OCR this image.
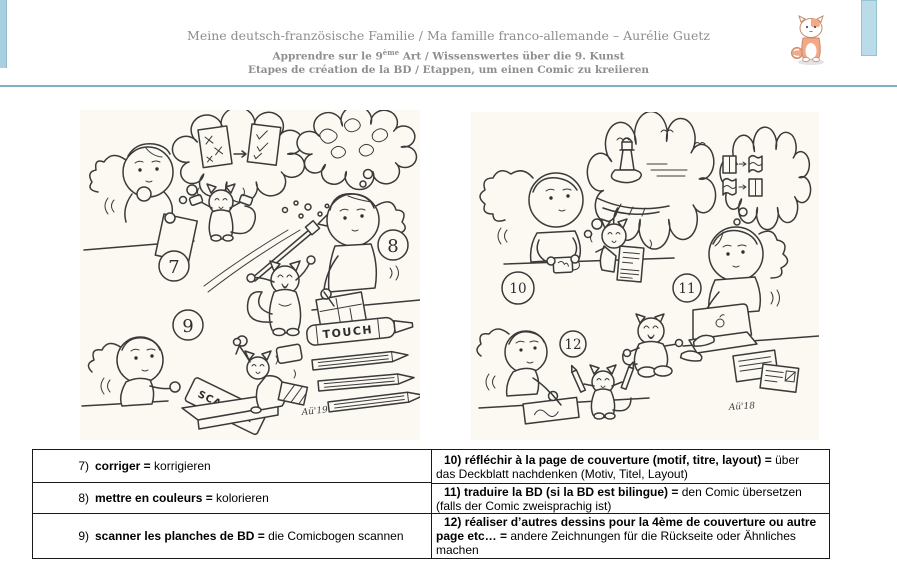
Meine deutsch-französische Familie / Ma famille franco-allemande – Aurélie Guetz
Apprendre sur le 9ème Art / Wissenswertes über die 9. Kunst
Etapes de création de la BD / Etappen, um einen Comic zu kreiieren
TOUCH
Aü'19
7
8
9
Aü'18
10	11
12
7) corriger = korrigieren
8) mettre en couleurs = kolorieren
9) scanner les planches de BD = die Comicbogen scannen

10) réfléchir à la page de couverture (motif, titre, layout) = über das Deckblatt nachdenken (Motiv, Titel, Layout)

11) traduire la BD (si la BD est bilingue) = den Comic übersetzen (falls der Comic zweisprachig ist)

12) réaliser d’autres dessins pour la 4ème de couverture ou autre page etc… = andere Zeichnungen für die Rückseite oder Ähnliches machen
